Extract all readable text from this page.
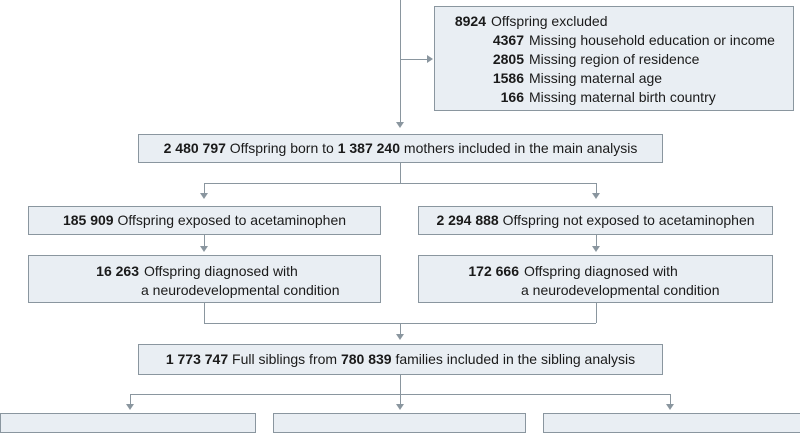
8924 Offspring excluded
4367 Missing household education or income
2805 Missing region of residence
1586 Missing maternal age
166 Missing maternal birth country
2 480 797
Offspring born to
1 387 240
mothers included in the main analysis
185 909
Offspring exposed to acetaminophen	2 294 888
Offspring not exposed to acetaminophen
16 263 Offspring diagnosed with
a neurodevelopmental condition
172 666 Offspring diagnosed with
a neurodevelopmental condition
1 773 747
Full siblings from
780 839
families included in the sibling analysis
